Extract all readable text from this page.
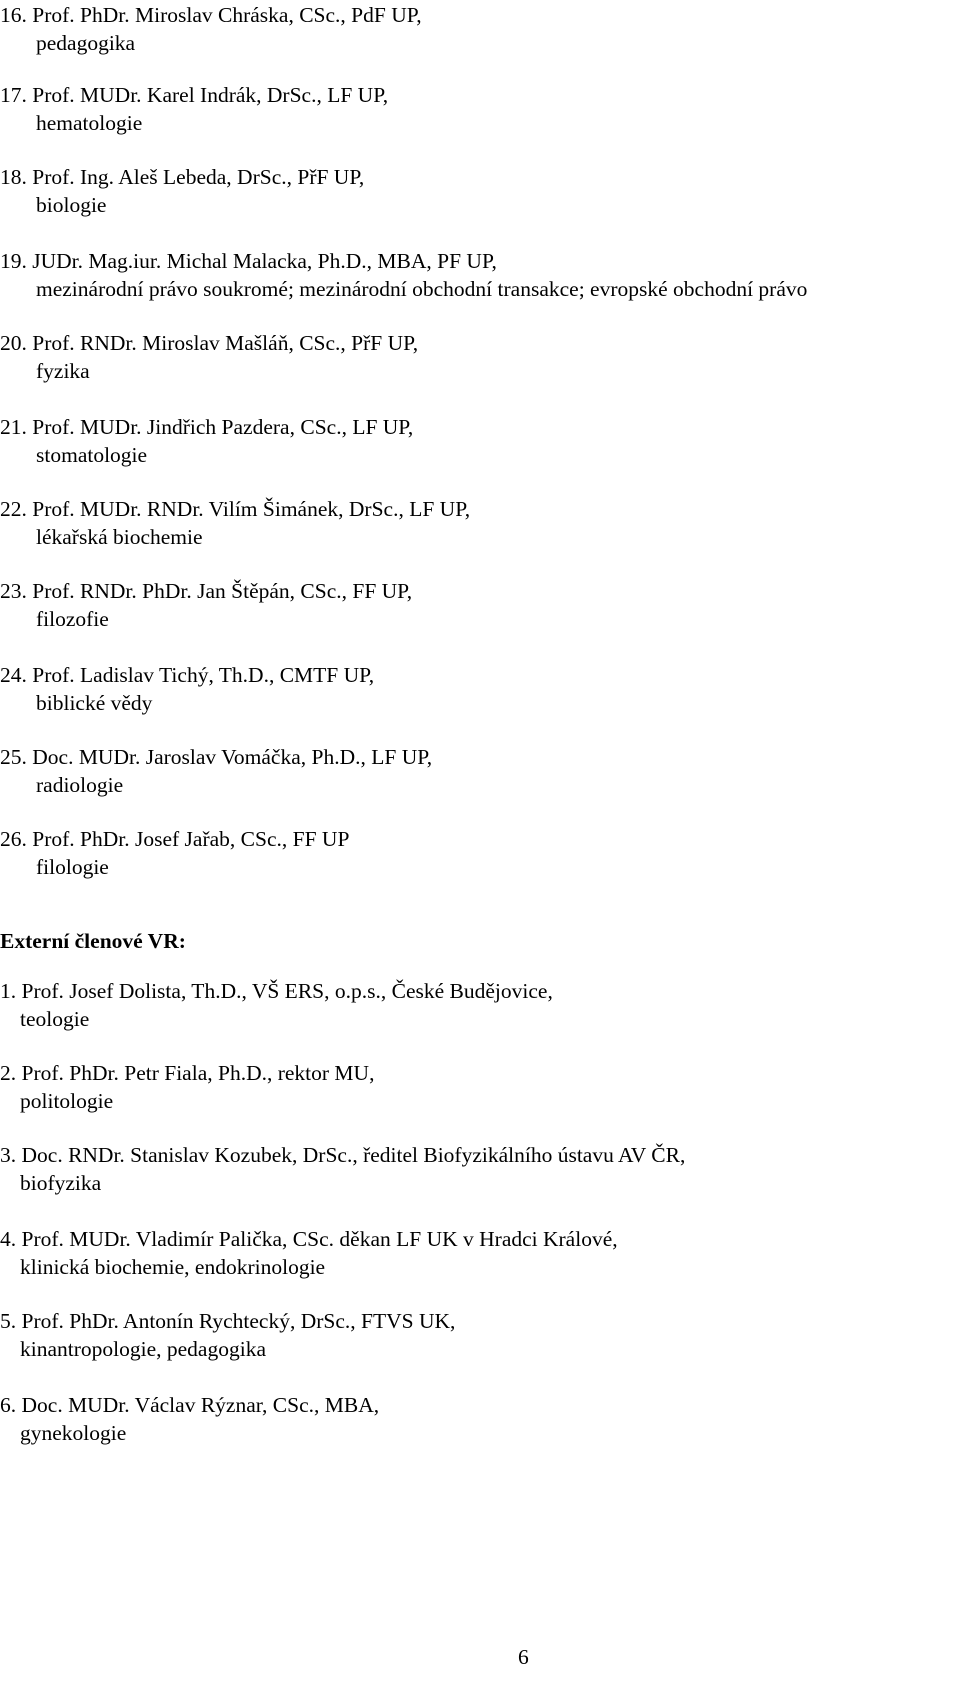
16. Prof. PhDr. Miroslav Chráska, CSc., PdF UP,
pedagogika
17. Prof. MUDr. Karel Indrák, DrSc., LF UP,
hematologie
18. Prof. Ing. Aleš Lebeda, DrSc., PřF UP,
biologie
19. JUDr. Mag.iur. Michal Malacka, Ph.D., MBA, PF UP,
mezinárodní právo soukromé; mezinárodní obchodní transakce; evropské obchodní právo
20. Prof. RNDr. Miroslav Mašláň, CSc., PřF UP,
fyzika
21. Prof. MUDr. Jindřich Pazdera, CSc., LF UP,
stomatologie
22. Prof. MUDr. RNDr. Vilím Šimánek, DrSc., LF UP,
lékařská biochemie
23. Prof. RNDr. PhDr. Jan Štěpán, CSc., FF UP,
filozofie
24. Prof. Ladislav Tichý, Th.D., CMTF UP,
biblické vědy
25. Doc. MUDr. Jaroslav Vomáčka, Ph.D., LF UP,
radiologie
26. Prof. PhDr. Josef Jařab, CSc., FF UP
filologie
Externí členové VR:
1. Prof. Josef Dolista, Th.D., VŠ ERS, o.p.s., České Budějovice,
teologie
2. Prof. PhDr. Petr Fiala, Ph.D., rektor MU,
politologie
3. Doc. RNDr. Stanislav Kozubek, DrSc., ředitel Biofyzikálního ústavu AV ČR,
biofyzika
4. Prof. MUDr. Vladimír Palička, CSc. děkan LF UK v Hradci Králové,
klinická biochemie, endokrinologie
5. Prof. PhDr. Antonín Rychtecký, DrSc., FTVS UK,
kinantropologie, pedagogika
6. Doc. MUDr. Václav Rýznar, CSc., MBA,
gynekologie
6
